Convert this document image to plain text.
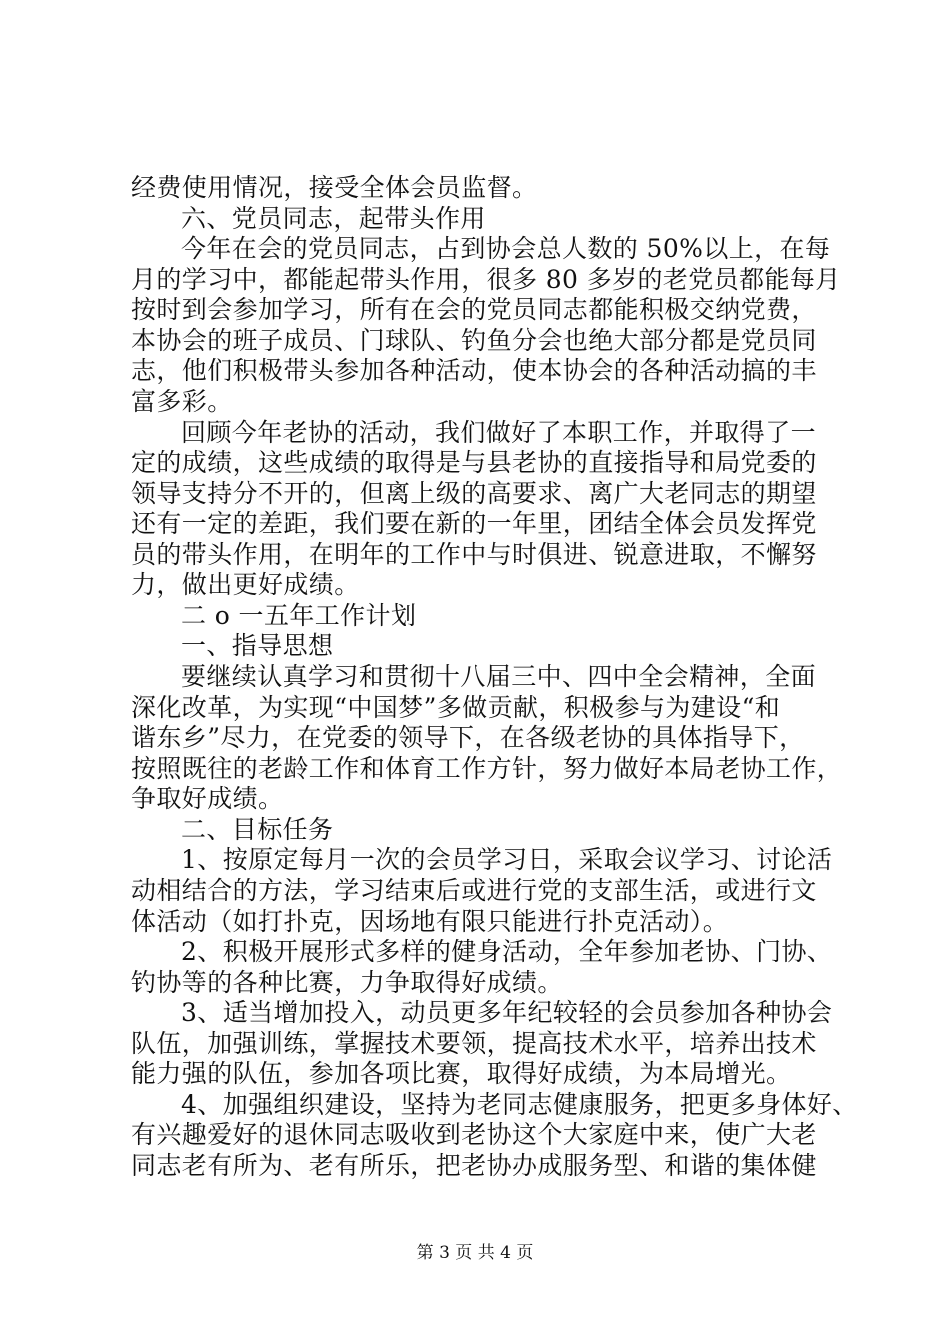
经费使用情况，接受全体会员监督。
六、党员同志，起带头作用
今年在会的党员同志，占到协会总人数的 50%以上，在每
月的学习中，都能起带头作用，很多 80 多岁的老党员都能每月
按时到会参加学习，所有在会的党员同志都能积极交纳党费，
本协会的班子成员、门球队、钓鱼分会也绝大部分都是党员同
志，他们积极带头参加各种活动，使本协会的各种活动搞的丰
富多彩。
回顾今年老协的活动，我们做好了本职工作，并取得了一
定的成绩，这些成绩的取得是与县老协的直接指导和局党委的
领导支持分不开的，但离上级的高要求、离广大老同志的期望
还有一定的差距，我们要在新的一年里，团结全体会员发挥党
员的带头作用，在明年的工作中与时俱进、锐意进取，不懈努
力，做出更好成绩。
二 o 一五年工作计划
一、指导思想
要继续认真学习和贯彻十八届三中、四中全会精神，全面
深化改革，为实现“中国梦”多做贡献，积极参与为建设“和
谐东乡”尽力，在党委的领导下，在各级老协的具体指导下，
按照既往的老龄工作和体育工作方针，努力做好本局老协工作，
争取好成绩。
二、目标任务
1、按原定每月一次的会员学习日，采取会议学习、讨论活
动相结合的方法，学习结束后或进行党的支部生活，或进行文
体活动（如打扑克，因场地有限只能进行扑克活动）。
2、积极开展形式多样的健身活动，全年参加老协、门协、
钓协等的各种比赛，力争取得好成绩。
3、适当增加投入，动员更多年纪较轻的会员参加各种协会
队伍，加强训练，掌握技术要领，提高技术水平，培养出技术
能力强的队伍，参加各项比赛，取得好成绩，为本局增光。
4、加强组织建设，坚持为老同志健康服务，把更多身体好、
有兴趣爱好的退休同志吸收到老协这个大家庭中来，使广大老
同志老有所为、老有所乐，把老协办成服务型、和谐的集体健
第 3 页 共 4 页
